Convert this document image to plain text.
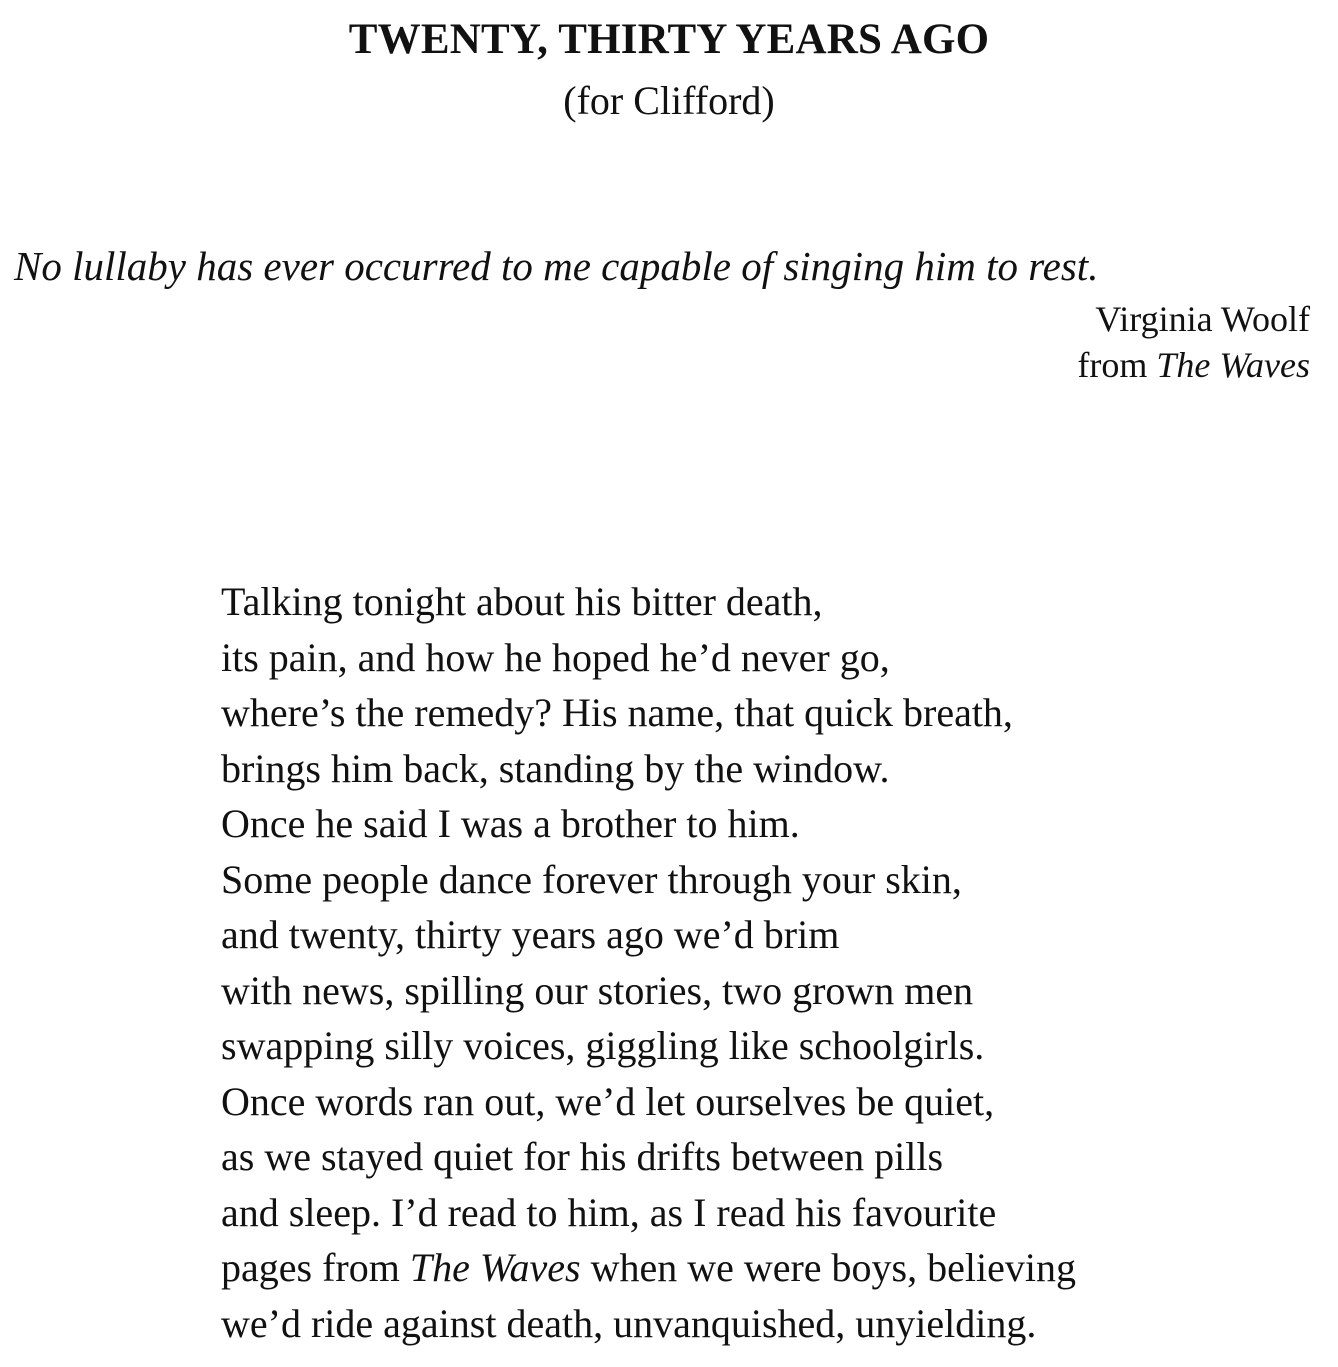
TWENTY, THIRTY YEARS AGO
(for Clifford)
No lullaby has ever occurred to me capable of singing him to rest.
Virginia Woolf
from The Waves
Talking tonight about his bitter death,
its pain, and how he hoped he’d never go,
where’s the remedy? His name, that quick breath,
brings him back, standing by the window.
Once he said I was a brother to him.
Some people dance forever through your skin,
and twenty, thirty years ago we’d brim
with news, spilling our stories, two grown men
swapping silly voices, giggling like schoolgirls.
Once words ran out, we’d let ourselves be quiet,
as we stayed quiet for his drifts between pills
and sleep. I’d read to him, as I read his favourite
pages from The Waves when we were boys, believing
we’d ride against death, unvanquished, unyielding.
